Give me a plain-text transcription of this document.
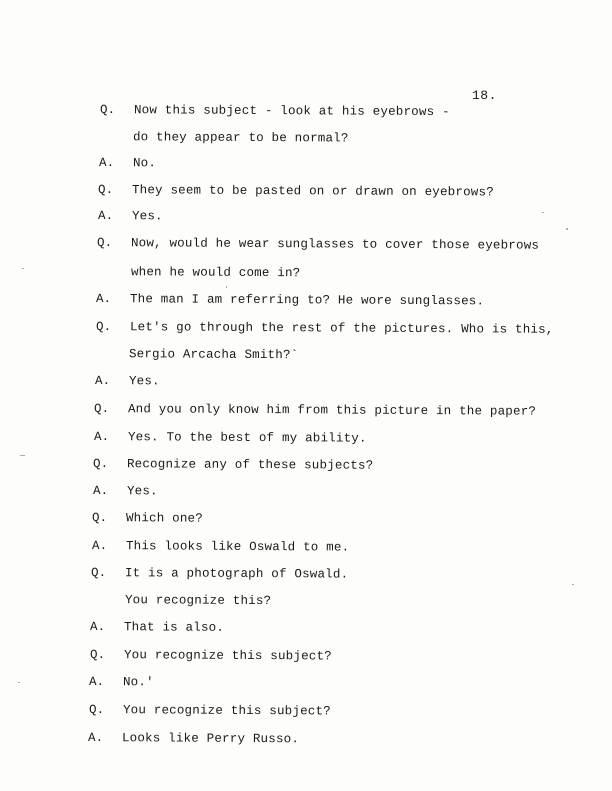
18.
Q.	Now this subject - look at his eyebrows -
do they appear to be normal?
A.	No.
Q.	They seem to be pasted on or drawn on eyebrows?
A.	Yes.
Q.	Now, would he wear sunglasses to cover those eyebrows
when he would come in?
A.	The man I am referring to? He wore sunglasses.
Q.	Let's go through the rest of the pictures. Who is this,
Sergio Arcacha Smith?`
A.	Yes.
Q.	And you only know him from this picture in the paper?
A.	Yes. To the best of my ability.
Q.	Recognize any of these subjects?
A.	Yes.
Q.	Which one?
A.	This looks like Oswald to me.
Q.	It is a photograph of Oswald.
You recognize this?
A.	That is also.
Q.	You recognize this subject?
A.	No.'
Q.	You recognize this subject?
A.	Looks like Perry Russo.
